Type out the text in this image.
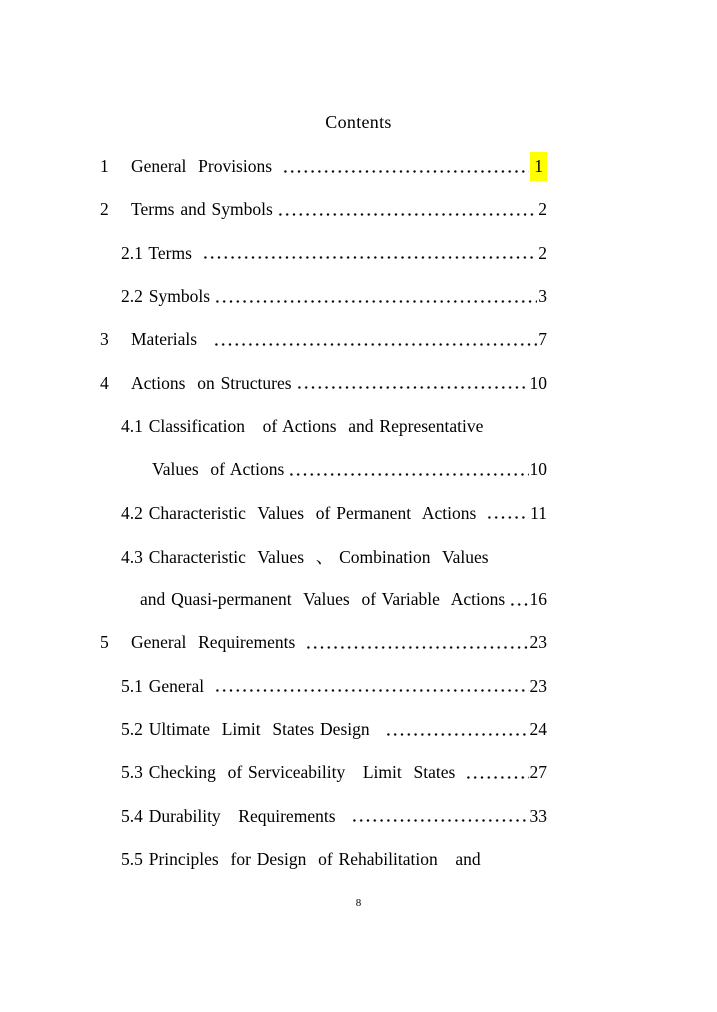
Contents
1	General  Provisions	1
2	Terms and Symbols	2
2.1 Terms	2
2.2 Symbols	3
3	Materials	7
4	Actions  on Structures	10
4.1 Classification   of Actions  and Representative
Values  of Actions	10
4.2 Characteristic  Values  of Permanent  Actions	11
4.3 Characteristic  Values  、 Combination  Values
and Quasi-permanent  Values  of Variable  Actions 16
5	General  Requirements	23
5.1 General	23
5.2 Ultimate  Limit  States Design	24
5.3 Checking  of Serviceability   Limit  States	27
5.4 Durability   Requirements	33
5.5 Principles  for Design  of Rehabilitation   and
8
